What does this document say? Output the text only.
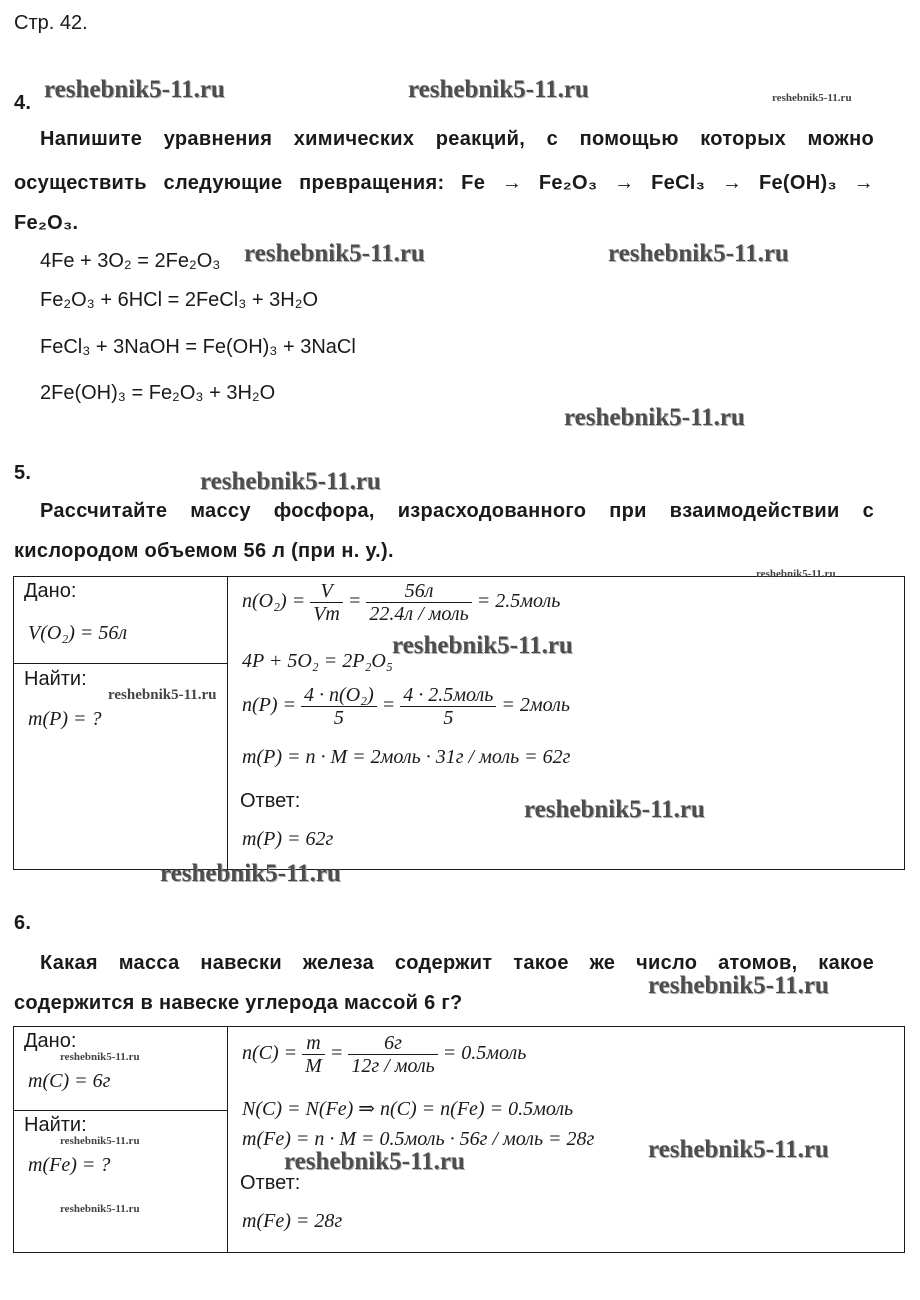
Стр. 42.
4.
Напишите уравнения химических реакций, с помощью которых можно
осуществить следующие превращения: Fe → Fe₂O₃ → FeCl₃ → Fe(OH)₃ →
Fe₂O₃.
4Fe + 3O₂ = 2Fe₂O₃
Fe₂O₃ + 6HCl = 2FeCl₃ + 3H₂O
FeCl₃ + 3NaOH = Fe(OH)₃ + 3NaCl
2Fe(OH)₃ = Fe₂O₃ + 3H₂O
5.
Рассчитайте массу фосфора, израсходованного при взаимодействии с
кислородом объемом 56 л (при н. у.).
Дано:
V(O₂) = 56л
Найти:
m(P) = ?
$n(O_2) = \frac{V}{Vm} = \frac{56л}{\text{22.4л / моль}}$ = 2.5моль
4P + 5O₂ = 2P₂O₅
$n(P) = \frac{\text{4 · n(O₂)}}{5} = \frac{\text{4 · 2.5моль}}{5}$ = 2моль
m(P) = n · M = 2моль · 31г / моль = 62г
Ответ:
m(P) = 62г
6.
Какая масса навески железа содержит такое же число атомов, какое
содержится в навеске углерода массой 6 г?
Дано:
m(C) = 6г
Найти:
m(Fe) = ?
$n(C) = \frac{m}{M} = \frac{6г}{\text{12г / моль}}$ = 0.5моль
N(C) = N(Fe) ⇒ n(C) = n(Fe) = 0.5моль
m(Fe) = n · M = 0.5моль · 56г / моль = 28г
Ответ:
m(Fe) = 28г
reshebnik5-11.ru	reshebnik5-11.ru	reshebnik5-11.ru
reshebnik5-11.ru	reshebnik5-11.ru
reshebnik5-11.ru
reshebnik5-11.ru
reshebnik5-11.ru
reshebnik5-11.ru
reshebnik5-11.ru
reshebnik5-11.ru
reshebnik5-11.ru
reshebnik5-11.ru
reshebnik5-11.ru
reshebnik5-11.ru
reshebnik5-11.ru
reshebnik5-11.ru
reshebnik5-11.ru
